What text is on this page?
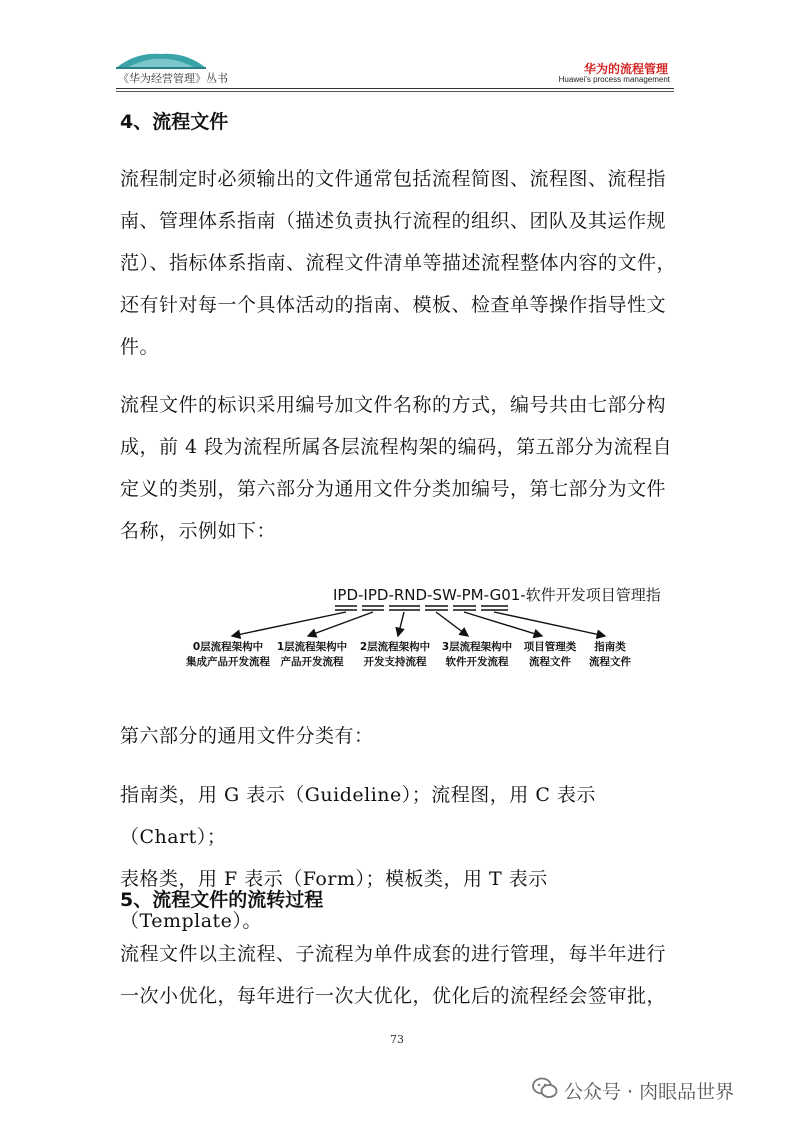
《华为经营管理》丛书
华为的流程管理
Huawei's process management
4、流程文件

流程制定时必须输出的文件通常包括流程简图、流程图、流程指

南、管理体系指南（描述负责执行流程的组织、团队及其运作规

范）、指标体系指南、流程文件清单等描述流程整体内容的文件，

还有针对每一个具体活动的指南、模板、检查单等操作指导性文

件。

流程文件的标识采用编号加文件名称的方式，编号共由七部分构

成，前 4 段为流程所属各层流程构架的编码，第五部分为流程自

定义的类别，第六部分为通用文件分类加编号，第七部分为文件

名称，示例如下：

IPD-IPD-RND-SW-PM-G01-软件开发项目管理指南
0层流程架构中
集成产品开发流程
1层流程架构中
产品开发流程
2层流程架构中
开发支持流程
3层流程架构中
软件开发流程
项目管理类
流程文件
指南类
流程文件
第六部分的通用文件分类有：

指南类，用 G 表示（Guideline）；流程图，用 C 表示（Chart）；

表格类，用 F 表示（Form）；模板类，用 T 表示（Template）。

5、流程文件的流转过程

流程文件以主流程、子流程为单件成套的进行管理，每半年进行

一次小优化，每年进行一次大优化，优化后的流程经会签审批，

73
公众号 · 肉眼品世界
